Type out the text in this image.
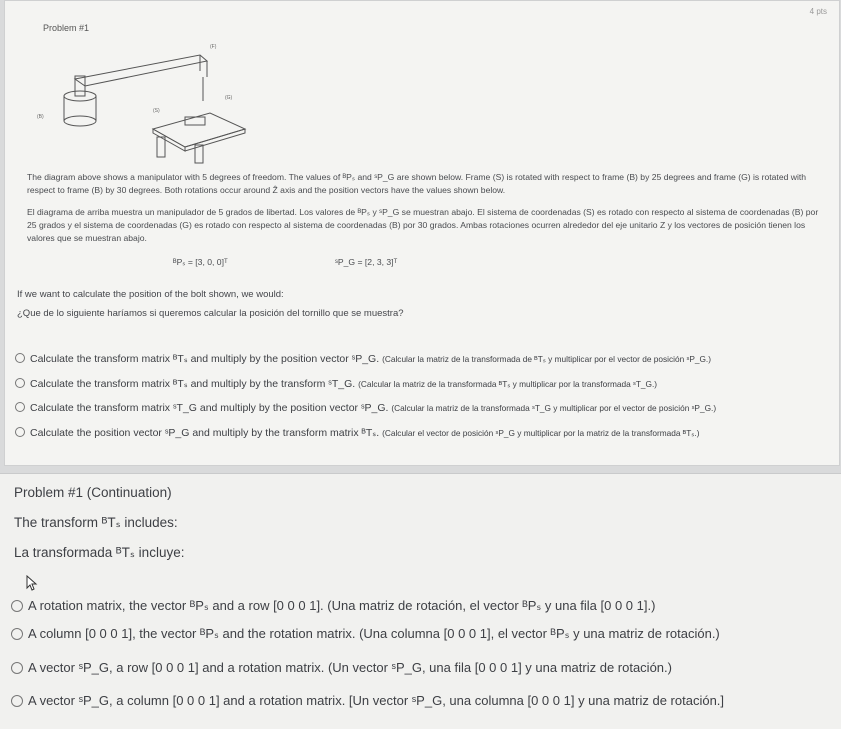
4 pts
Problem #1
(B)
(F)
(S)
(G)
The diagram above shows a manipulator with 5 degrees of freedom. The values of ᴮPₛ and ˢP_G are shown below. Frame (S) is rotated with respect to frame (B) by 25 degrees and frame (G) is rotated with respect to frame (B) by 30 degrees. Both rotations occur around Ẑ axis and the position vectors have the values shown below.
El diagrama de arriba muestra un manipulador de 5 grados de libertad. Los valores de ᴮPₛ y ˢP_G se muestran abajo. El sistema de coordenadas (S) es rotado con respecto al sistema de coordenadas (B) por 25 grados y el sistema de coordenadas (G) es rotado con respecto al sistema de coordenadas (B) por 30 grados. Ambas rotaciones ocurren alrededor del eje unitario Z y los vectores de posición tienen los valores que se muestran abajo.
ᴮPₛ = [3, 0, 0]ᵀ	ˢP_G = [2, 3, 3]ᵀ
If we want to calculate the position of the bolt shown, we would:
¿Que de lo siguiente haríamos si queremos calcular la posición del tornillo que se muestra?
Calculate the transform matrix ᴮTₛ and multiply by the position vector ˢP_G. (Calcular la matriz de la transformada de ᴮTₛ y multiplicar por el vector de posición ˢP_G.)
Calculate the transform matrix ᴮTₛ and multiply by the transform ˢT_G. (Calcular la matriz de la transformada ᴮTₛ y multiplicar por la transformada ˢT_G.)
Calculate the transform matrix ˢT_G and multiply by the position vector ˢP_G. (Calcular la matriz de la transformada ˢT_G y multiplicar por el vector de posición ˢP_G.)
Calculate the position vector ˢP_G and multiply by the transform matrix ᴮTₛ. (Calcular el vector de posición ˢP_G y multiplicar por la matriz de la transformada ᴮTₛ.)
Problem #1 (Continuation)
The transform ᴮTₛ includes:
La transformada ᴮTₛ incluye:
A rotation matrix, the vector ᴮPₛ and a row [0 0 0 1]. (Una matriz de rotación, el vector ᴮPₛ y una fila [0 0 0 1].)
A column [0 0 0 1], the vector ᴮPₛ and the rotation matrix. (Una columna [0 0 0 1], el vector ᴮPₛ y una matriz de rotación.)
A vector ˢP_G, a row [0 0 0 1] and a rotation matrix. (Un vector ˢP_G, una fila [0 0 0 1] y una matriz de rotación.)
A vector ˢP_G, a column [0 0 0 1] and a rotation matrix. [Un vector ˢP_G, una columna [0 0 0 1] y una matriz de rotación.]
